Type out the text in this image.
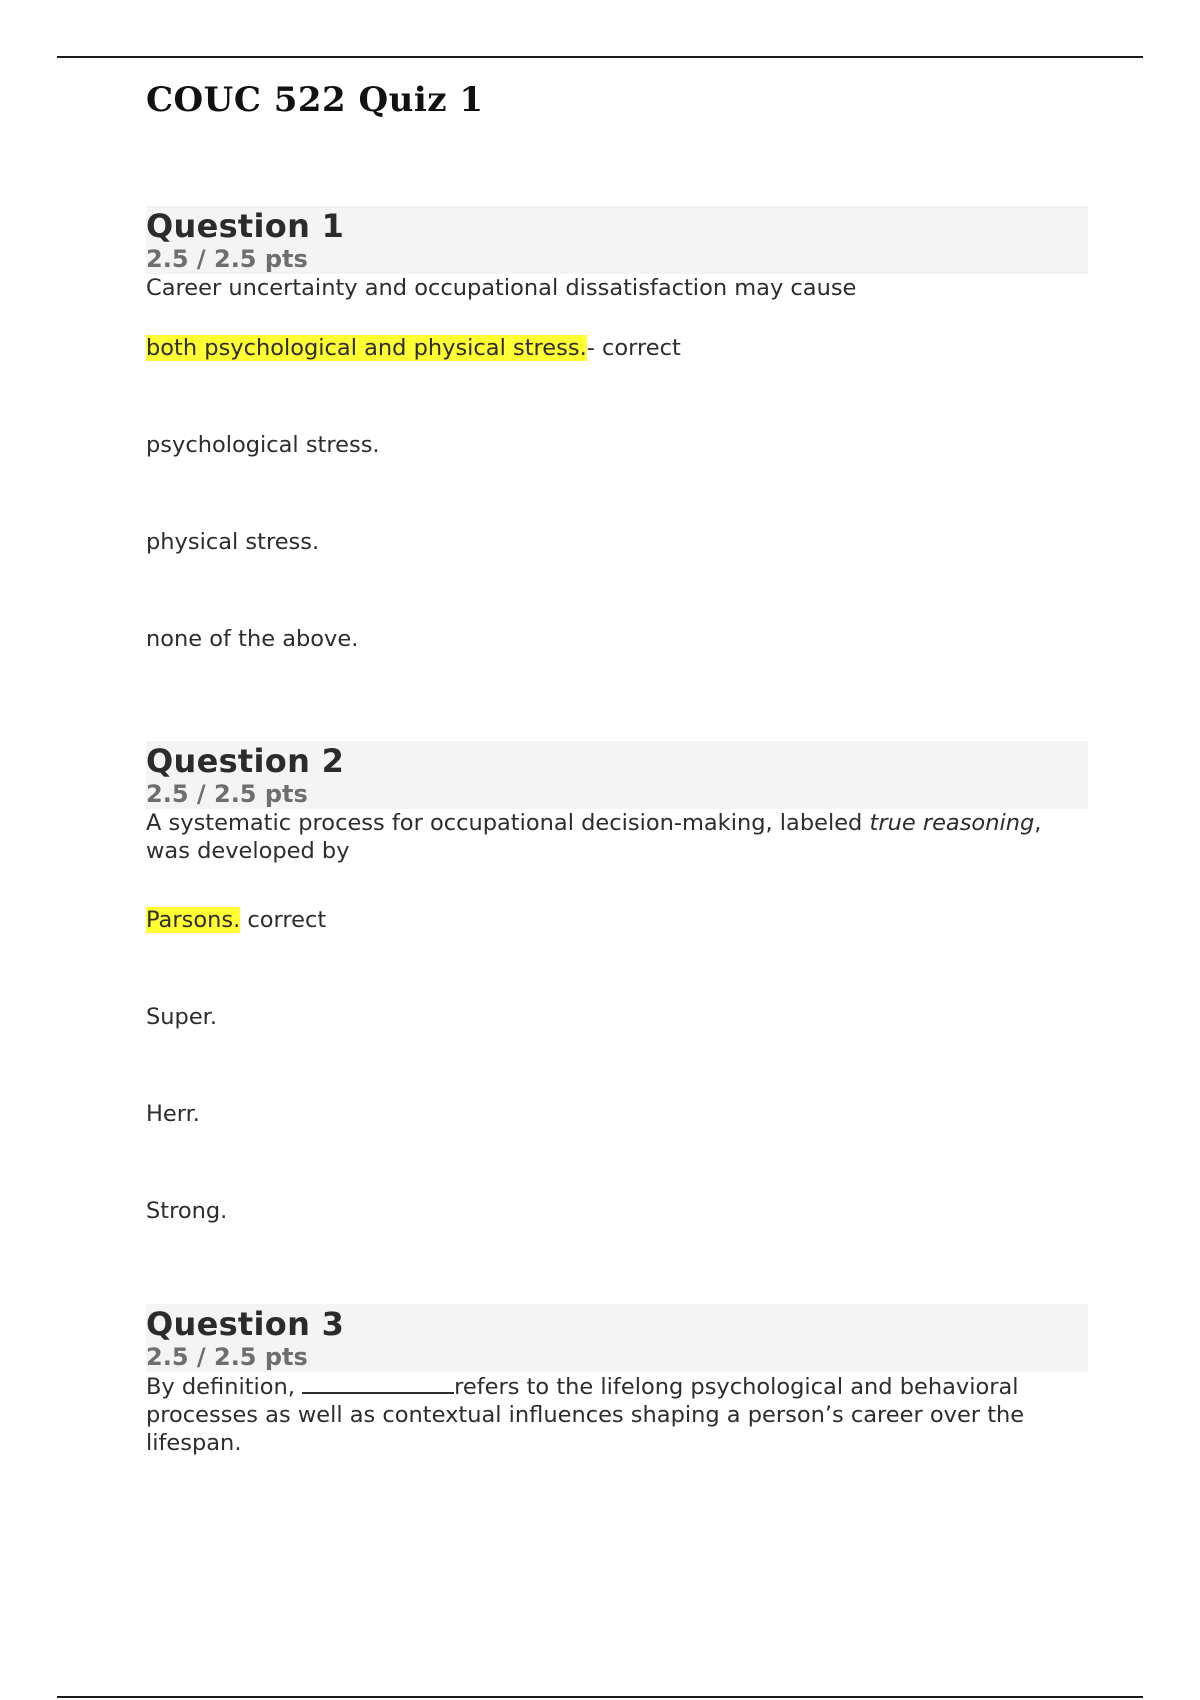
COUC 522 Quiz 1
Question 1
2.5 / 2.5 pts

Career uncertainty and occupational dissatisfaction may cause

both psychological and physical stress.- correct
psychological stress.
physical stress.
none of the above.
Question 2
2.5 / 2.5 pts

A systematic process for occupational decision-making, labeled true reasoning, was developed by

Parsons. correct
Super.
Herr.
Strong.
Question 3
2.5 / 2.5 pts

By definition,	refers to the lifelong psychological and behavioral processes as well as contextual influences shaping a person’s career over the lifespan.
